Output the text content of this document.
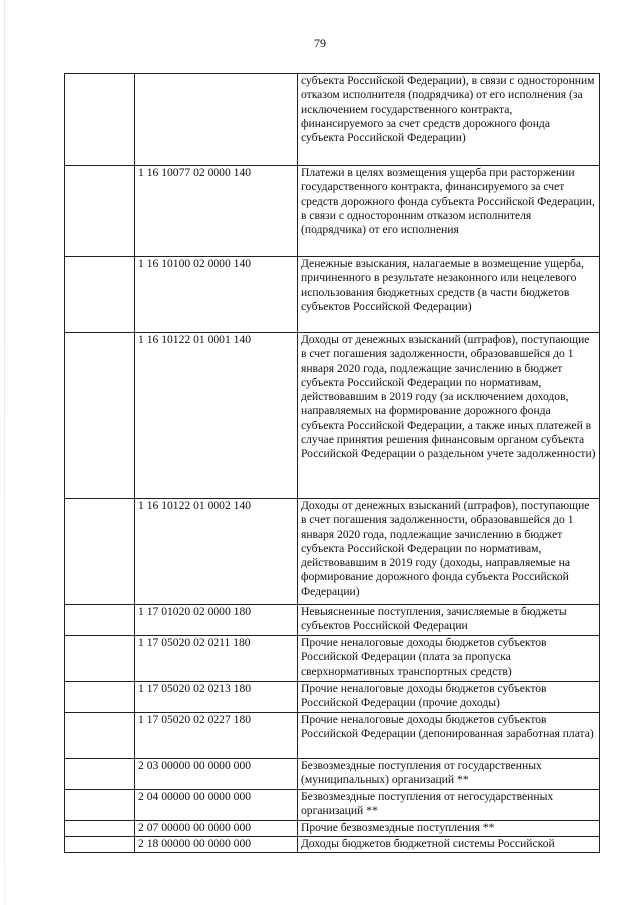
79
		субъекта Российской Федерации), в связи с односторонним отказом исполнителя (подрядчика) от его исполнения (за исключением государственного контракта, финансируемого за счет средств дорожного фонда субъекта Российской Федерации)
	1 16 10077 02 0000 140	Платежи в целях возмещения ущерба при расторжении государственного контракта, финансируемого за счет средств дорожного фонда субъекта Российской Федерации, в связи с односторонним отказом исполнителя (подрядчика) от его исполнения
	1 16 10100 02 0000 140	Денежные взыскания, налагаемые в возмещение ущерба, причиненного в результате незаконного или нецелевого использования бюджетных средств (в части бюджетов субъектов Российской Федерации)
	1 16 10122 01 0001 140	Доходы от денежных взысканий (штрафов), поступающие в счет погашения задолженности, образовавшейся до 1 января 2020 года, подлежащие зачислению в бюджет субъекта Российской Федерации по нормативам, действовавшим в 2019 году (за исключением доходов, направляемых на формирование дорожного фонда субъекта Российской Федерации, а также иных платежей в случае принятия решения финансовым органом субъекта Российской Федерации о раздельном учете задолженности)
	1 16 10122 01 0002 140	Доходы от денежных взысканий (штрафов), поступающие в счет погашения задолженности, образовавшейся до 1 января 2020 года, подлежащие зачислению в бюджет субъекта Российской Федерации по нормативам, действовавшим в 2019 году (доходы, направляемые на формирование дорожного фонда субъекта Российской Федерации)
	1 17 01020 02 0000 180	Невыясненные поступления, зачисляемые в бюджеты субъектов Российской Федерации
	1 17 05020 02 0211 180	Прочие неналоговые доходы бюджетов субъектов Российской Федерации (плата за пропуска сверхнормативных транспортных средств)
	1 17 05020 02 0213 180	Прочие неналоговые доходы бюджетов субъектов Российской Федерации (прочие доходы)
	1 17 05020 02 0227 180	Прочие неналоговые доходы бюджетов субъектов Российской Федерации (депонированная заработная плата)
	2 03 00000 00 0000 000	Безвозмездные поступления от государственных (муниципальных) организаций **
	2 04 00000 00 0000 000	Безвозмездные поступления от негосударственных организаций **
	2 07 00000 00 0000 000	Прочие безвозмездные поступления **
	2 18 00000 00 0000 000	Доходы бюджетов бюджетной системы Российской
